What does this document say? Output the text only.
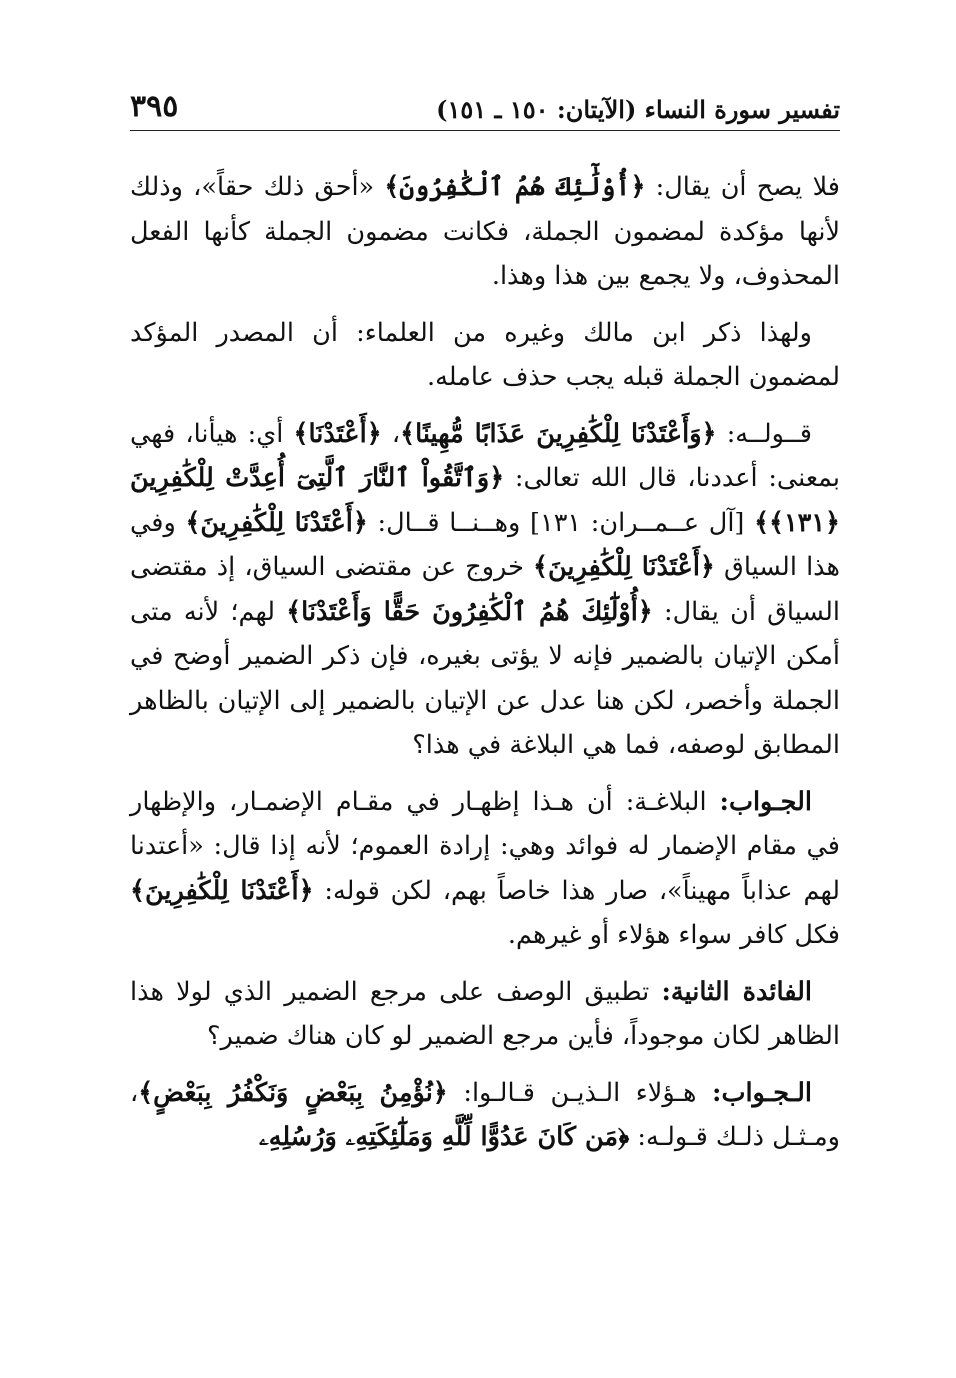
تفسير سورة النساء (الآيتان: ١٥٠ ـ ١٥١)
٣٩٥

فلا يصح أن يقال: ﴿أُوْلَٰٓئِكَ هُمُ ٱلْكَٰفِرُونَ﴾ «أحق ذلك حقاً»، وذلك لأنها مؤكدة لمضمون الجملة، فكانت مضمون الجملة كأنها الفعل المحذوف، ولا يجمع بين هذا وهذا.

ولهذا ذكر ابن مالك وغيره من العلماء: أن المصدر المؤكد لمضمون الجملة قبله يجب حذف عامله.

قــولــه: ﴿وَأَعْتَدْنَا لِلْكَٰفِرِينَ عَذَابًا مُّهِينًا﴾، ﴿أَعْتَدْنَا﴾ أي: هيأنا، فهي بمعنى: أعددنا، قال الله تعالى: ﴿وَٱتَّقُواْ ٱلنَّارَ ٱلَّتِىٓ أُعِدَّتْ لِلْكَٰفِرِينَ ﴿١٣١﴾﴾ [آل عــمــران: ١٣١] وهــنــا قــال: ﴿أَعْتَدْنَا لِلْكَٰفِرِينَ﴾ وفي هذا السياق ﴿أَعْتَدْنَا لِلْكَٰفِرِينَ﴾ خروج عن مقتضى السياق، إذ مقتضى السياق أن يقال: ﴿أُوْلَٰٓئِكَ هُمُ ٱلْكَٰفِرُونَ حَقًّا وَأَعْتَدْنَا﴾ لهم؛ لأنه متى أمكن الإتيان بالضمير فإنه لا يؤتى بغيره، فإن ذكر الضمير أوضح في الجملة وأخصر، لكن هنا عدل عن الإتيان بالضمير إلى الإتيان بالظاهر المطابق لوصفه، فما هي البلاغة في هذا؟

الجـواب: البلاغـة: أن هـذا إظهـار في مقـام الإضمـار، والإظهار في مقام الإضمار له فوائد وهي: إرادة العموم؛ لأنه إذا قال: «أعتدنا لهم عذاباً مهيناً»، صار هذا خاصاً بهم، لكن قوله: ﴿أَعْتَدْنَا لِلْكَٰفِرِينَ﴾ فكل كافر سواء هؤلاء أو غيرهم.

الفائدة الثانية: تطبيق الوصف على مرجع الضمير الذي لولا هذا الظاهر لكان موجوداً، فأين مرجع الضمير لو كان هناك ضمير؟

الـجـواب: هـؤلاء الـذيـن قـالـوا: ﴿نُؤْمِنُ بِبَعْضٍ وَنَكْفُرُ بِبَعْضٍ﴾، ومـثـل ذلـك قـولـه: ﴿مَن كَانَ عَدُوًّا لِّلَّهِ وَمَلَٰٓئِكَتِهِۦ وَرُسُلِهِۦ
